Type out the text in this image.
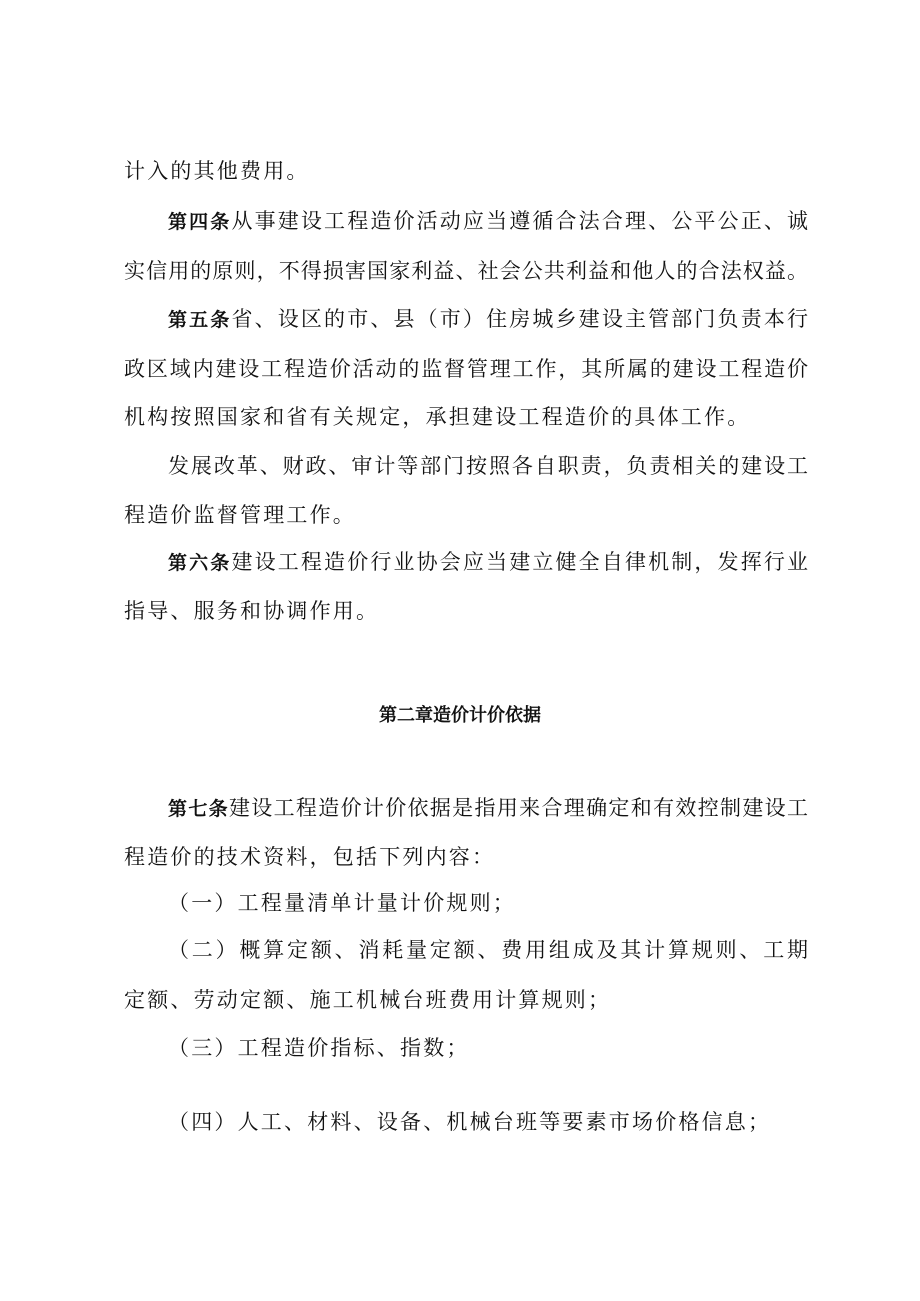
计入的其他费用。
第四条从事建设工程造价活动应当遵循合法合理、公平公正、诚
实信用的原则，不得损害国家利益、社会公共利益和他人的合法权益。
第五条省、设区的市、县（市）住房城乡建设主管部门负责本行
政区域内建设工程造价活动的监督管理工作，其所属的建设工程造价
机构按照国家和省有关规定，承担建设工程造价的具体工作。
发展改革、财政、审计等部门按照各自职责，负责相关的建设工
程造价监督管理工作。
第六条建设工程造价行业协会应当建立健全自律机制，发挥行业
指导、服务和协调作用。
第二章造价计价依据
第七条建设工程造价计价依据是指用来合理确定和有效控制建设工
程造价的技术资料，包括下列内容：
（一）工程量清单计量计价规则；
（二）概算定额、消耗量定额、费用组成及其计算规则、工期
定额、劳动定额、施工机械台班费用计算规则；
（三）工程造价指标、指数；
（四）人工、材料、设备、机械台班等要素市场价格信息；
